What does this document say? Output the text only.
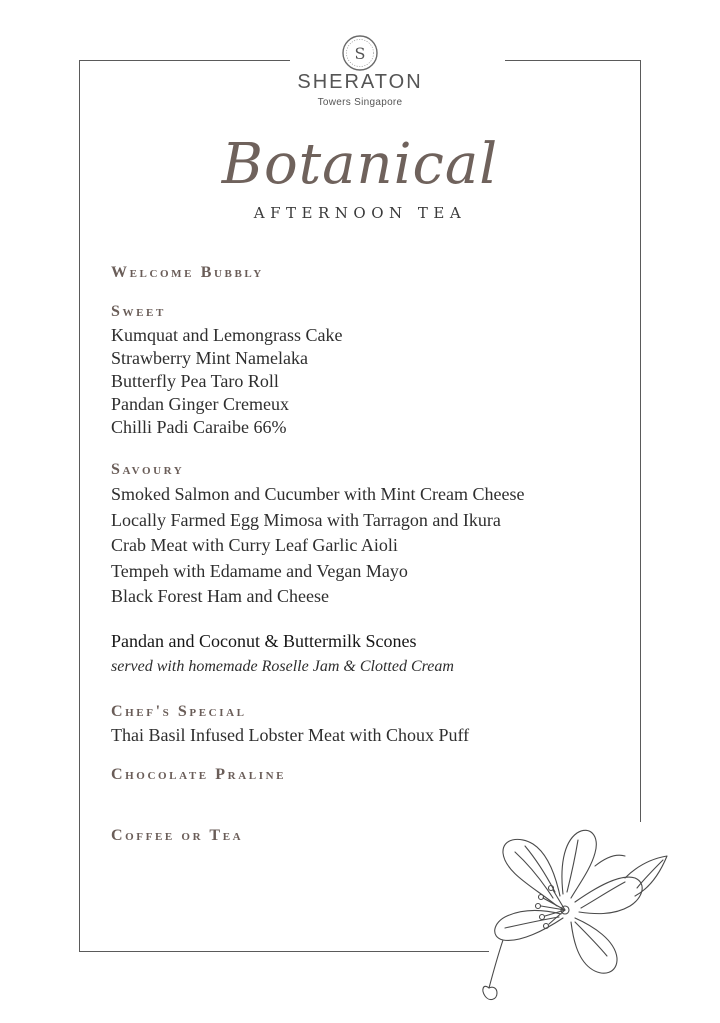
S
SHERATON
Towers Singapore
Botanical
AFTERNOON TEA
Welcome Bubbly
Sweet
Kumquat and Lemongrass Cake
Strawberry Mint Namelaka
Butterfly Pea Taro Roll
Pandan Ginger Cremeux
Chilli Padi Caraibe 66%
Savoury
Smoked Salmon and Cucumber with Mint Cream Cheese
Locally Farmed Egg Mimosa with Tarragon and Ikura
Crab Meat with Curry Leaf Garlic Aioli
Tempeh with Edamame and Vegan Mayo
Black Forest Ham and Cheese
Pandan and Coconut & Buttermilk Scones
served with homemade Roselle Jam & Clotted Cream
Chef's Special
Thai Basil Infused Lobster Meat with Choux Puff
Chocolate Praline
Coffee or Tea
